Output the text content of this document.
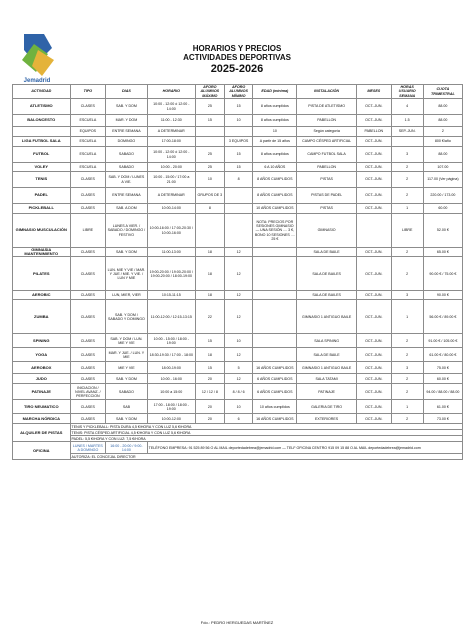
Jemadrid
HORARIOS Y PRECIOS
ACTIVIDADES DEPORTIVAS
2025-2026
ACTIVIDAD	TIPO	DIAS	HORARIO	AFORO ALUMNOS MÁXIMO	AFORO ALUMNOS MÍNIMO	EDAD (mínima)	INSTALACIÓN	MESES	HORAS USUARIO SEMANA	CUOTA TRIMESTRAL
ATLETISMO	CLASES	SAB. Y DOM	10:00 - 12:00 ó 12:00 - 14:00	25	15	8 años cumplidos	PISTA DE ATLETISMO	OCT.-JUN.	4	88.00
BALONCESTO	ESCUELA	MAR. Y DOM	11:00 - 12:30	15	10	8 años cumplidos	PABELLON	OCT.-JUN.	1.5	88.00
	EQUIPOS	ENTRE SEMANA	A DETERMINAR			10	Según categoría	PABELLON	SEP.-JUN.	2
LIGA FUTBOL SALA	ESCUELA	DOMINGO	17:00-18:00		3 EQUIPOS	A partir de 15 años	CAMPO CÉSPED ARTIFICIAL	OCT.-JUN.		800 €/año
FUTBOL	ESCUELA	SABADO	10:00 - 12:00 ó 12:00 - 14:00	25	15	8 años cumplidos	CAMPO FUTBOL SALA	OCT.-JUN.	3	88.00
VOLEY	ESCUELA	SABADO	10:00 - 20:00	25	15	6 A 10 AÑOS	PABELLON	OCT.-JUN.	2	107.00
TENIS	CLASES	SAB. Y DOM / LUNES A VIE.	10:00 - 15:00 / 17:00 a 21:00	10	8	8 AÑOS CUMPLIDOS	PISTAS	OCT.-JUN.	2	117.00 (Ver página)
PADEL	CLASES	ENTRE SEMANA	A DETERMINAR	GRUPOS DE 3		8 AÑOS CUMPLIDOS	PISTAS DE PADEL	OCT.-JUN.	2	220.00 / 173.00
PICKLEBALL	CLASES	SAB. A DOM	10:00-14:00	8		10 AÑOS CUMPLIDOS	PISTAS	OCT.-JUN.	1	60.00
GIMNASIO MUSCULACIÓN	LIBRE	LUNES A VIER. / SABADO / DOMINGO / FESTIVO	10:00-16:00 / 17:00-20:30 / 10:00-16:00			NOTA: PRECIOS POR SESIONES GIMNASIO — UNA SESIÓN .... 3 €, BONO 10 SESIONES .... 25 €	GIMNASIO		LIBRE	52.00 €
GIMNASIA MANTENIMIENTO	CLASES	SAB. Y DOM	11:00-13:00	18	12		SALA DE BAILE	OCT.-JUN.	2	65.00 €
PILATES	CLASES	LUN. MIE Y VIE / MAR. Y JUE / MIE. Y VIE. / LUN Y MIE	19:00-20:00 / 19:00-20:00 / 19:00-20:00 / 18:00-19:00	18	12		SALA DE BAILES	OCT.-JUN.	2	90.00 € / 75.00 €
AEROBIC	CLASES	LUN, MIER, VIER	10:15-11:15	18	12		SALA DE BAILES	OCT.-JUN.	3	90.00 €
ZUMBA	CLASES	SAB. Y DOM / SABADO Y DOMINGO	11:00-12:00 / 12:15-13:15	22	12		GIMNASIO 1 ANTIGUO BAILE	OCT.-JUN.	1	56.00 € / 89.00 €
SPINING	CLASES	SAB. Y DOM / LUN. MIE Y VIE	10:00 - 15:00 / 18:00 - 19:00	15	10		SALA SPINING	OCT.-JUN.	2	91.00 € / 105.00 €
YOGA	CLASES	MAR. Y JUE. / LUN. Y MIE	18:30-19:30 / 17:00 - 18:00	18	12		SALA DE BAILE	OCT.-JUN.	2	61.00 € / 80.00 €
AEROBOX	CLASES	MIE Y VIE	18:00-19:00	15	5	16 AÑOS CUMPLIDOS	GIMNASIO 1 ANTIGUO BAILE	OCT.-JUN.	3	75.00 €
JUDO	CLASES	SAB. Y DOM	10:00 - 16:00	20	12	6 AÑOS CUMPLIDOS	SALA TATAMI	OCT.-JUN.	2	60.00 €
PATINAJE	INICIACION / NIVEL AVANZ. / PERFECCION	SABADO	10:00 a 15:00	12 / 12 / 8	8 / 8 / 6	6 AÑOS CUMPLIDOS	PATINAJE	OCT.-JUN.	2	94.00 / 88.00 / 88.00
TIRO NEUMATICO	CLASES	SAB	17:00 - 18:00 / 18:00 - 19:00	20	10	10 años cumplidos	GALERIA DE TIRO	OCT.-JUN.	1	61.00 €
MARCHA NÓRDICA	CLASES	SAB. Y DOM	10:00-12:00	20	6	16 AÑOS CUMPLIDOS	EXTERIORES	OCT.-JUN.	2	73.00 €
ALQUILER DE PISTAS	TENIS Y PICKLEBALL: PISTA DURA 4,5 €/HORA Y CON LUZ 5,6 €/HORA									
	TENIS: PISTA CÉSPED ARTIFICIAL 4,5 €/HORA Y CON LUZ 5,6 €/HORA									
	PADEL: 5,5 €/HORA Y CON LUZ: 7,5 €/HORA									
OFICINA	LUNES / MARTES A DOMINGO	16:00 - 20:00 / 9:00-14:00	TELÉFONO EMPRESA: 91 525 89 56 O AL MAIL deportedadebrea@jemadrid.com — TELF OFICINA CENTRO 915 09 15 88 O AL MAIL deportedadebrea@jemadrid.com							
	AUTORIZA: EL CONCEJAL DIRECTOR									
Fdo.: PEDRO HERGUEDAS MARTÍNEZ
